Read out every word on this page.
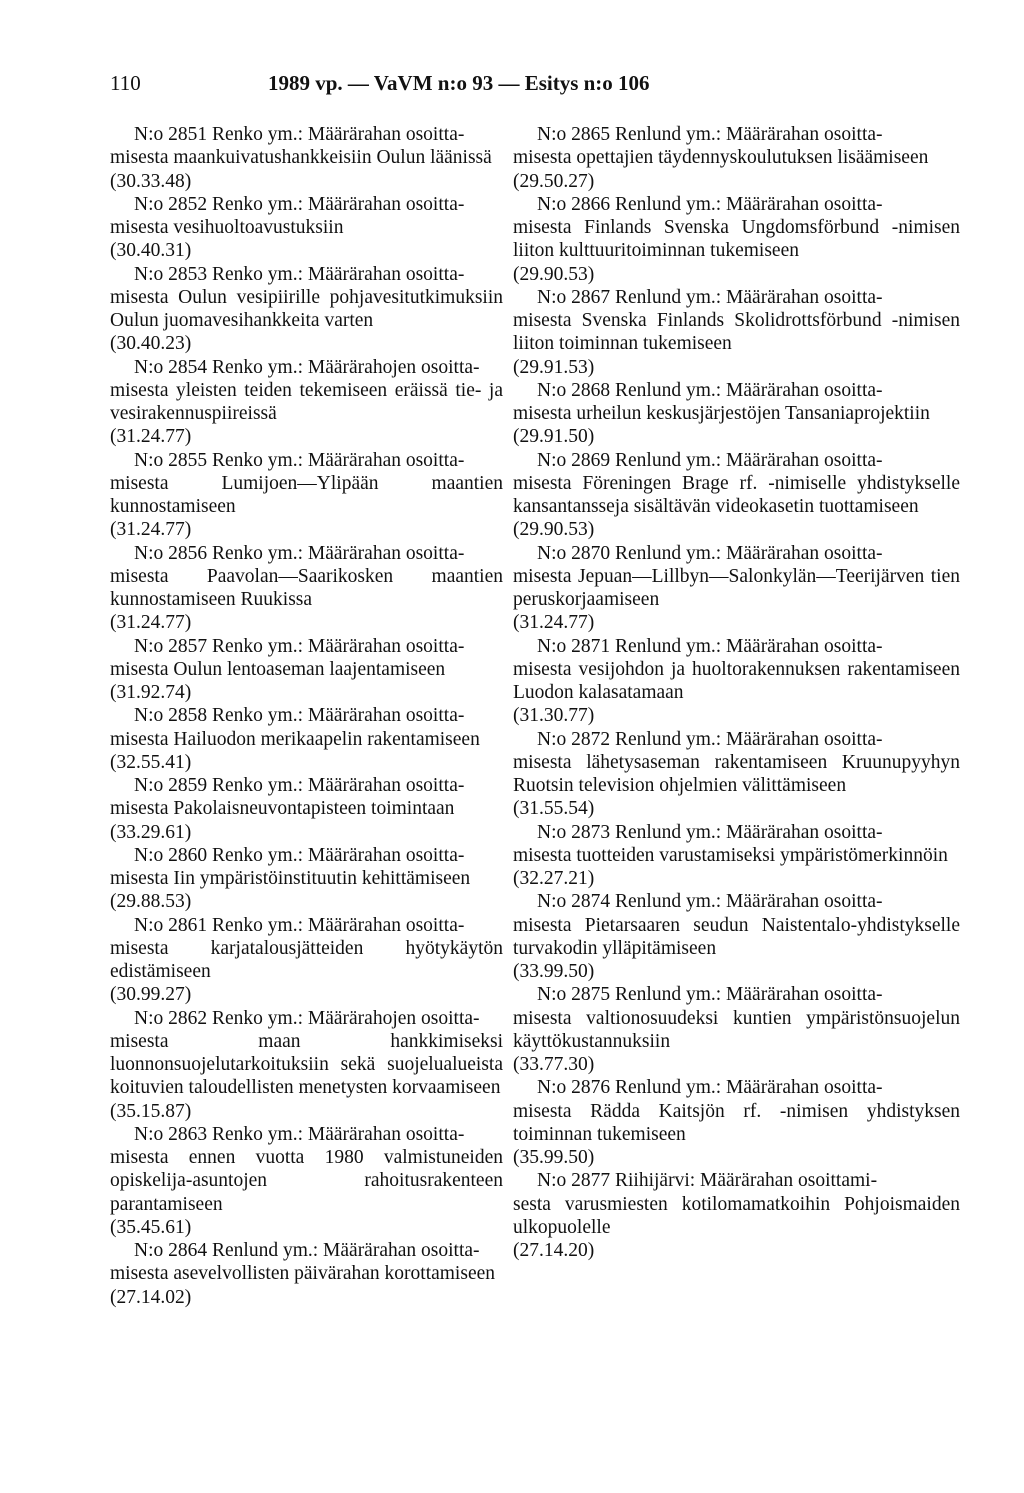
110	1989 vp. — VaVM n:o 93 — Esitys n:o 106

N:o 2851 Renko ym.: Määrärahan osoitta-

misesta maankuivatushankkeisiin Oulun läänissä

(30.33.48)

N:o 2852 Renko ym.: Määrärahan osoitta-

misesta vesihuoltoavustuksiin

(30.40.31)

N:o 2853 Renko ym.: Määrärahan osoitta-

misesta Oulun vesipiirille pohjavesitutkimuksiin Oulun juomavesihankkeita varten

(30.40.23)

N:o 2854 Renko ym.: Määrärahojen osoitta-

misesta yleisten teiden tekemiseen eräissä tie- ja vesirakennuspiireissä

(31.24.77)

N:o 2855 Renko ym.: Määrärahan osoitta-

misesta Lumijoen—Ylipään maantien kunnostamiseen

(31.24.77)

N:o 2856 Renko ym.: Määrärahan osoitta-

misesta Paavolan—Saarikosken maantien kunnostamiseen Ruukissa

(31.24.77)

N:o 2857 Renko ym.: Määrärahan osoitta-

misesta Oulun lentoaseman laajentamiseen

(31.92.74)

N:o 2858 Renko ym.: Määrärahan osoitta-

misesta Hailuodon merikaapelin rakentamiseen

(32.55.41)

N:o 2859 Renko ym.: Määrärahan osoitta-

misesta Pakolaisneuvontapisteen toimintaan

(33.29.61)

N:o 2860 Renko ym.: Määrärahan osoitta-

misesta Iin ympäristöinstituutin kehittämiseen

(29.88.53)

N:o 2861 Renko ym.: Määrärahan osoitta-

misesta karjatalousjätteiden hyötykäytön edistämiseen

(30.99.27)

N:o 2862 Renko ym.: Määrärahojen osoitta-

misesta maan hankkimiseksi luonnonsuojelutarkoituksiin sekä suojelualueista koituvien taloudellisten menetysten korvaamiseen

(35.15.87)

N:o 2863 Renko ym.: Määrärahan osoitta-

misesta ennen vuotta 1980 valmistuneiden opiskelija-asuntojen rahoitusrakenteen parantamiseen

(35.45.61)

N:o 2864 Renlund ym.: Määrärahan osoitta-

misesta asevelvollisten päivärahan korottamiseen

(27.14.02)

N:o 2865 Renlund ym.: Määrärahan osoitta-

misesta opettajien täydennyskoulutuksen lisäämiseen

(29.50.27)

N:o 2866 Renlund ym.: Määrärahan osoitta-

misesta Finlands Svenska Ungdomsförbund -nimisen liiton kulttuuritoiminnan tukemiseen

(29.90.53)

N:o 2867 Renlund ym.: Määrärahan osoitta-

misesta Svenska Finlands Skolidrottsförbund -nimisen liiton toiminnan tukemiseen

(29.91.53)

N:o 2868 Renlund ym.: Määrärahan osoitta-

misesta urheilun keskusjärjestöjen Tansaniaprojektiin

(29.91.50)

N:o 2869 Renlund ym.: Määrärahan osoitta-

misesta Föreningen Brage rf. -nimiselle yhdistykselle kansantansseja sisältävän videokasetin tuottamiseen

(29.90.53)

N:o 2870 Renlund ym.: Määrärahan osoitta-

misesta Jepuan—Lillbyn—Salonkylän—Teerijärven tien peruskorjaamiseen

(31.24.77)

N:o 2871 Renlund ym.: Määrärahan osoitta-

misesta vesijohdon ja huoltorakennuksen rakentamiseen Luodon kalasatamaan

(31.30.77)

N:o 2872 Renlund ym.: Määrärahan osoitta-

misesta lähetysaseman rakentamiseen Kruunupyyhyn Ruotsin television ohjelmien välittämiseen

(31.55.54)

N:o 2873 Renlund ym.: Määrärahan osoitta-

misesta tuotteiden varustamiseksi ympäristömerkinnöin

(32.27.21)

N:o 2874 Renlund ym.: Määrärahan osoitta-

misesta Pietarsaaren seudun Naistentalo-yhdistykselle turvakodin ylläpitämiseen

(33.99.50)

N:o 2875 Renlund ym.: Määrärahan osoitta-

misesta valtionosuudeksi kuntien ympäristönsuojelun käyttökustannuksiin

(33.77.30)

N:o 2876 Renlund ym.: Määrärahan osoitta-

misesta Rädda Kaitsjön rf. -nimisen yhdistyksen toiminnan tukemiseen

(35.99.50)

N:o 2877 Riihijärvi: Määrärahan osoittami-

sesta varusmiesten kotilomamatkoihin Pohjoismaiden ulkopuolelle

(27.14.20)
